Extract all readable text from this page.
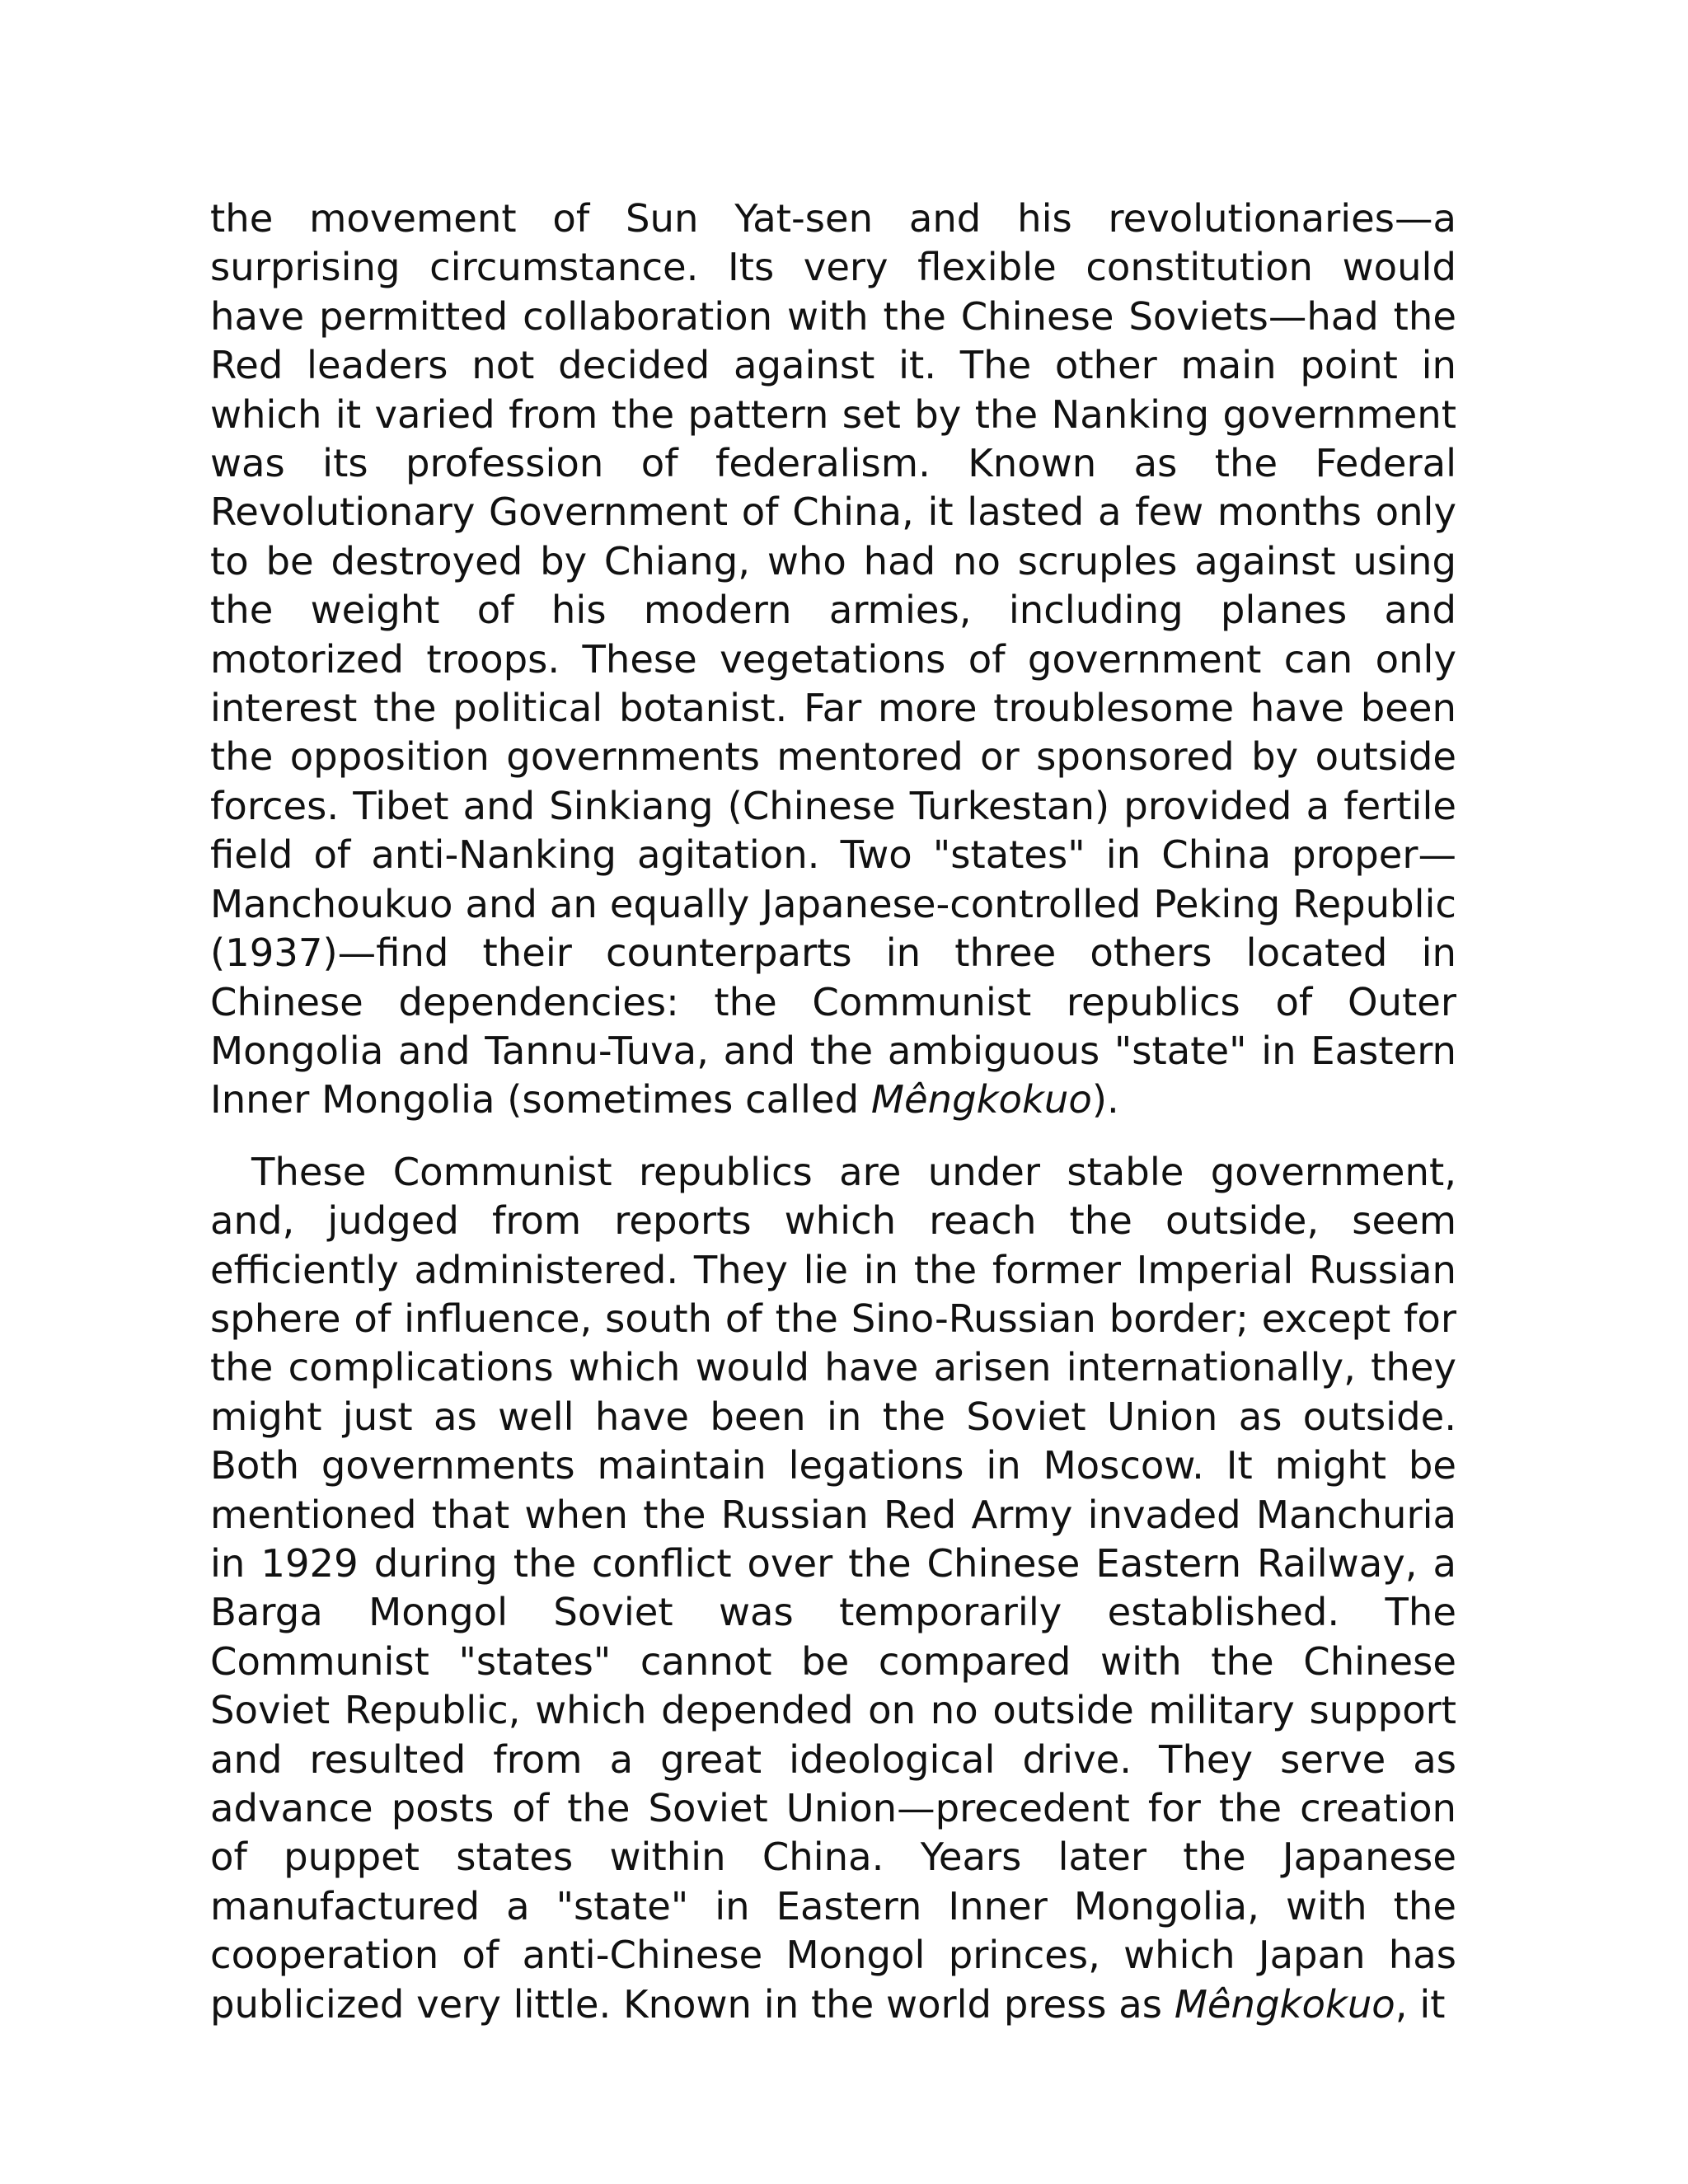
the movement of Sun Yat-sen and his revolutionaries—a surprising circumstance. Its very flexible constitution would have permitted collaboration with the Chinese Soviets—had the Red leaders not decided against it. The other main point in which it varied from the pattern set by the Nanking government was its profession of federalism. Known as the Federal Revolutionary Government of China, it lasted a few months only to be destroyed by Chiang, who had no scruples against using the weight of his modern armies, including planes and motorized troops. These vegetations of government can only interest the political botanist. Far more troublesome have been the opposition governments mentored or sponsored by outside forces. Tibet and Sinkiang (Chinese Turkestan) provided a fertile field of anti-Nanking agitation. Two "states" in China proper— Manchoukuo and an equally Japanese-controlled Peking Republic (1937)—find their counterparts in three others located in Chinese dependencies: the Communist republics of Outer Mongolia and Tannu-Tuva, and the ambiguous "state" in Eastern Inner Mongolia (sometimes called Mêngkokuo).

These Communist republics are under stable government, and, judged from reports which reach the outside, seem efficiently administered. They lie in the former Imperial Russian sphere of influence, south of the Sino-Russian border; except for the complications which would have arisen internationally, they might just as well have been in the Soviet Union as outside. Both governments maintain legations in Moscow. It might be mentioned that when the Russian Red Army invaded Manchuria in 1929 during the conflict over the Chinese Eastern Railway, a Barga Mongol Soviet was temporarily established. The Communist "states" cannot be compared with the Chinese Soviet Republic, which depended on no outside military support and resulted from a great ideological drive. They serve as advance posts of the Soviet Union—precedent for the creation of puppet states within China. Years later the Japanese manufactured a "state" in Eastern Inner Mongolia, with the cooperation of anti-Chinese Mongol princes, which Japan has publicized very little. Known in the world press as Mêngkokuo, it
